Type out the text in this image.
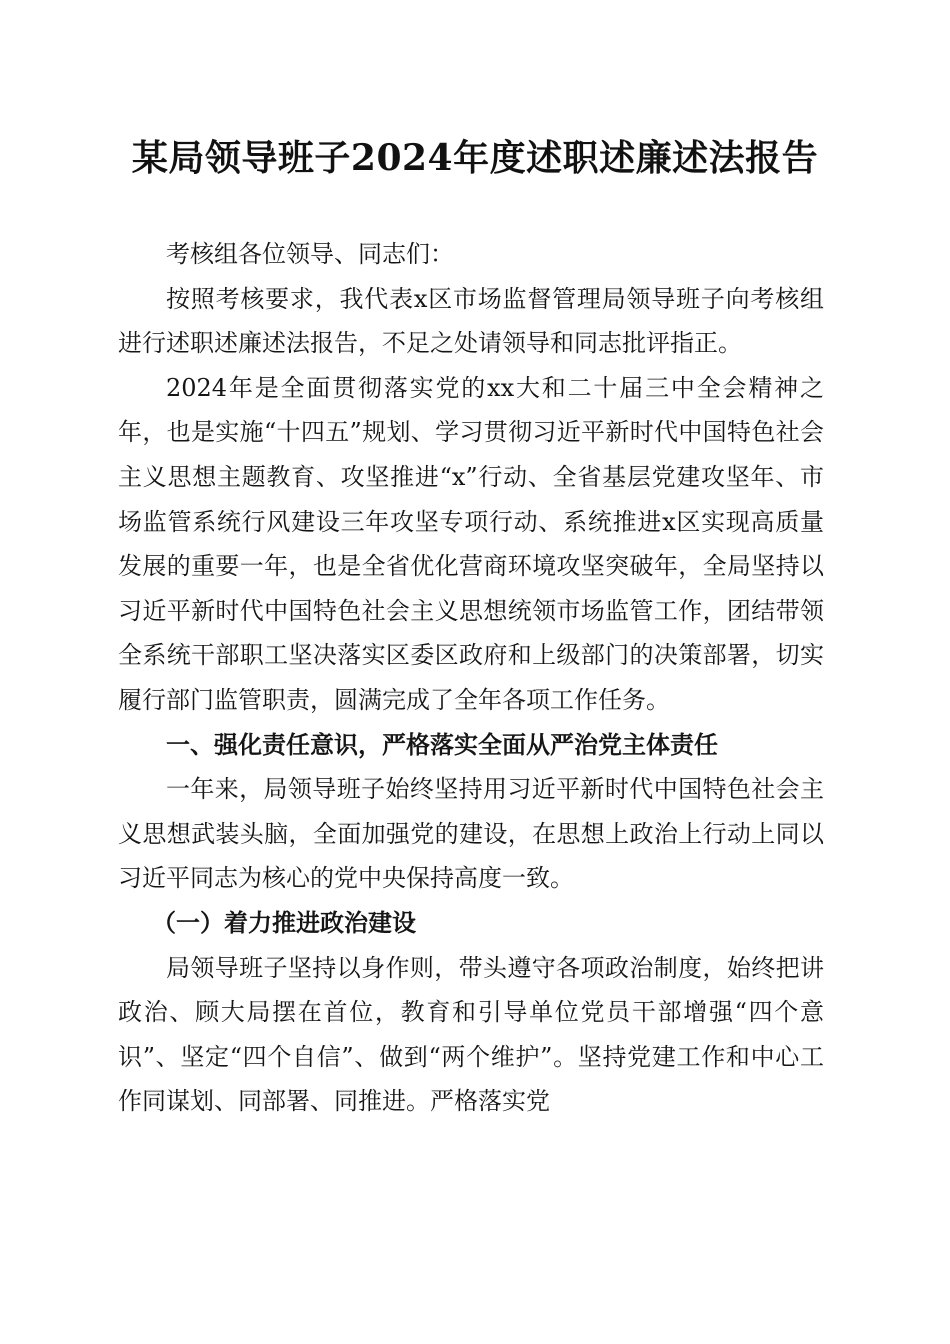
某局领导班子2024年度述职述廉述法报告

考核组各位领导、同志们：

按照考核要求，我代表x区市场监督管理局领导班子向考核组进行述职述廉述法报告，不足之处请领导和同志批评指正。

2024年是全面贯彻落实党的xx大和二十届三中全会精神之年，也是实施“十四五”规划、学习贯彻习近平新时代中国特色社会主义思想主题教育、攻坚推进“x”行动、全省基层党建攻坚年、市场监管系统行风建设三年攻坚专项行动、系统推进x区实现高质量发展的重要一年，也是全省优化营商环境攻坚突破年，全局坚持以习近平新时代中国特色社会主义思想统领市场监管工作，团结带领全系统干部职工坚决落实区委区政府和上级部门的决策部署，切实履行部门监管职责，圆满完成了全年各项工作任务。

一、强化责任意识，严格落实全面从严治党主体责任

一年来，局领导班子始终坚持用习近平新时代中国特色社会主义思想武装头脑，全面加强党的建设，在思想上政治上行动上同以习近平同志为核心的党中央保持高度一致。

（一）着力推进政治建设

局领导班子坚持以身作则，带头遵守各项政治制度，始终把讲政治、顾大局摆在首位，教育和引导单位党员干部增强“四个意识”、坚定“四个自信”、做到“两个维护”。坚持党建工作和中心工作同谋划、同部署、同推进。严格落实党
